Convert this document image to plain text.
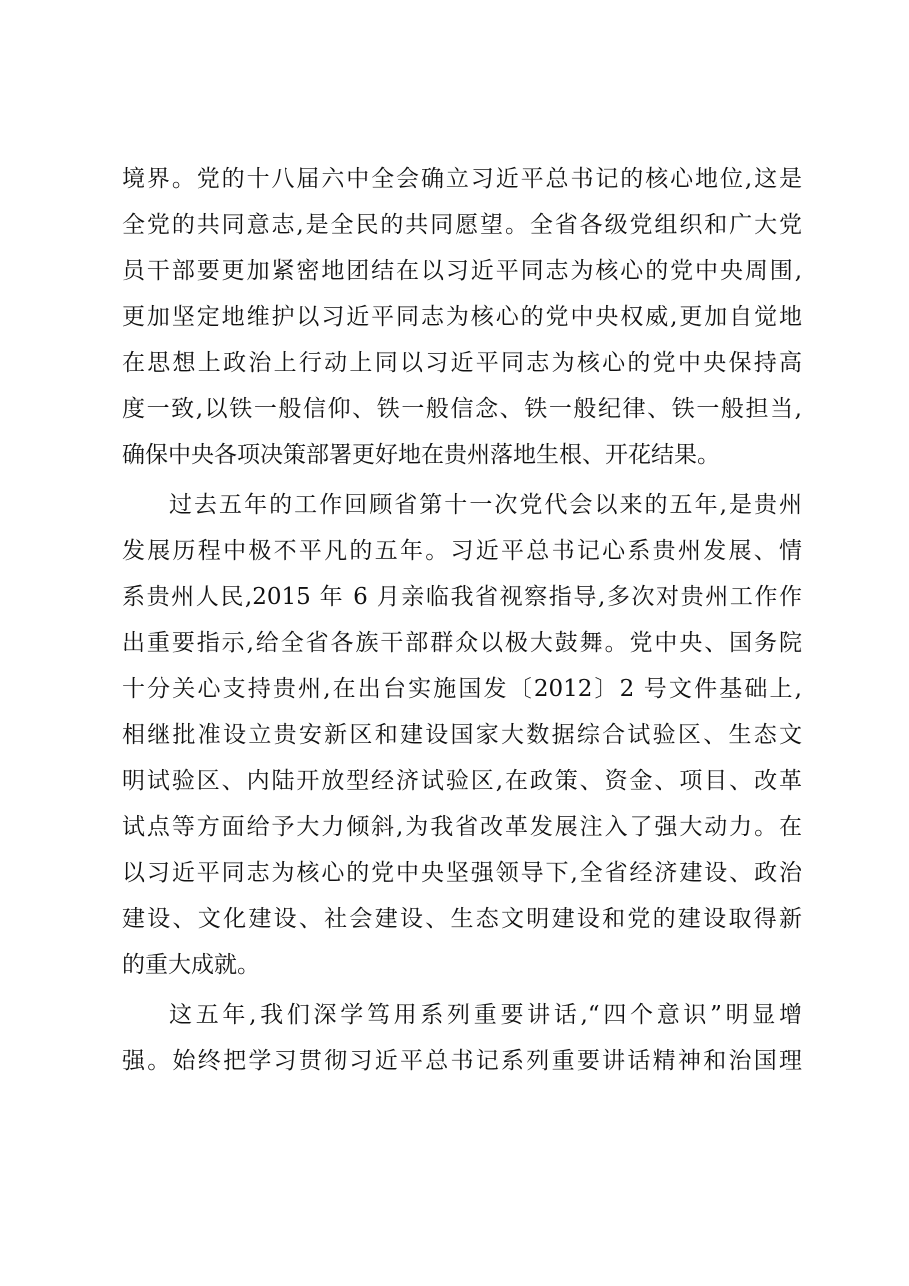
境界。党的十八届六中全会确立习近平总书记的核心地位,这是
全党的共同意志,是全民的共同愿望。全省各级党组织和广大党
员干部要更加紧密地团结在以习近平同志为核心的党中央周围,
更加坚定地维护以习近平同志为核心的党中央权威,更加自觉地
在思想上政治上行动上同以习近平同志为核心的党中央保持高
度一致,以铁一般信仰、铁一般信念、铁一般纪律、铁一般担当,
确保中央各项决策部署更好地在贵州落地生根、开花结果。
过去五年的工作回顾省第十一次党代会以来的五年,是贵州
发展历程中极不平凡的五年。习近平总书记心系贵州发展、情
系贵州人民,2015 年 6 月亲临我省视察指导,多次对贵州工作作
出重要指示,给全省各族干部群众以极大鼓舞。党中央、国务院
十分关心支持贵州,在出台实施国发〔2012〕2 号文件基础上,
相继批准设立贵安新区和建设国家大数据综合试验区、生态文
明试验区、内陆开放型经济试验区,在政策、资金、项目、改革
试点等方面给予大力倾斜,为我省改革发展注入了强大动力。在
以习近平同志为核心的党中央坚强领导下,全省经济建设、政治
建设、文化建设、社会建设、生态文明建设和党的建设取得新
的重大成就。
这五年,我们深学笃用系列重要讲话,“四个意识”明显增
强。始终把学习贯彻习近平总书记系列重要讲话精神和治国理
